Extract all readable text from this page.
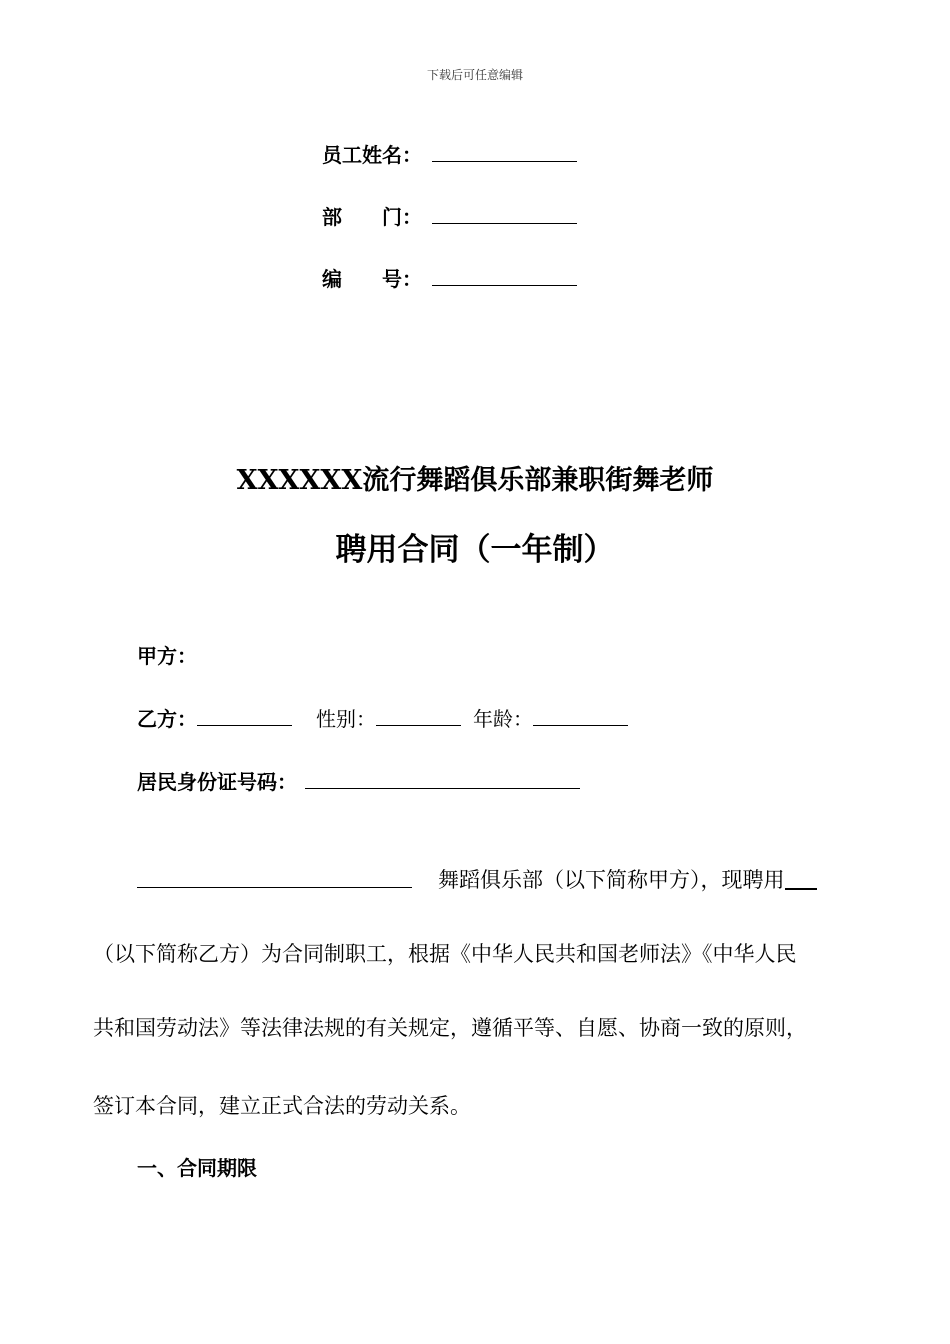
下载后可任意编辑
员工姓名：
部　　门：
编　　号：
XXXXXX流行舞蹈俱乐部兼职街舞老师
聘用合同（一年制）
甲方：
乙方：	性别：	年龄：
居民身份证号码：
舞蹈俱乐部（以下简称甲方），现聘用
（以下简称乙方）为合同制职工，根据《中华人民共和国老师法》《中华人民
共和国劳动法》等法律法规的有关规定，遵循平等、自愿、协商一致的原则，
签订本合同，建立正式合法的劳动关系。
一、合同期限
